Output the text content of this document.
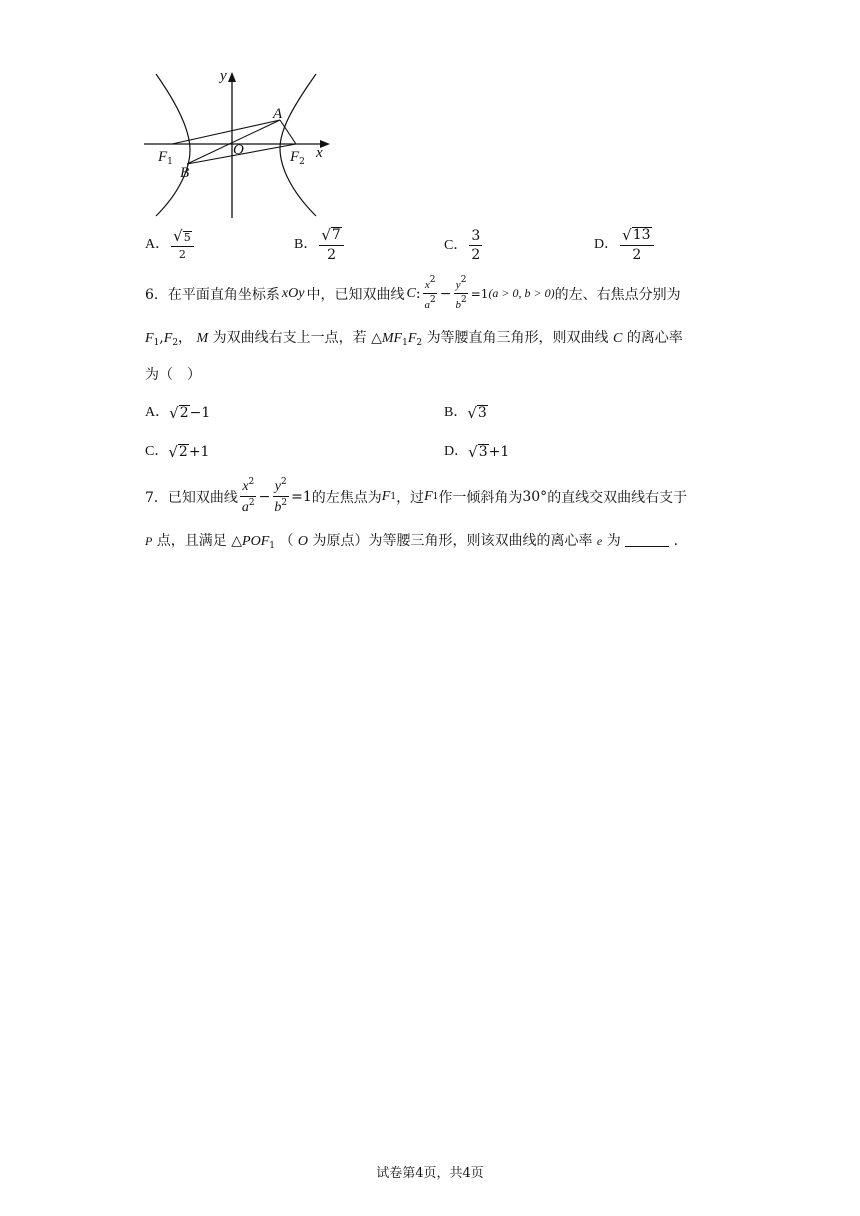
y
x
A
B
O
$F_1$	$F_2$
A． $\frac{√ 5}{2}$	B． $\frac{√ 7}{2}$	C． $\frac{3}{2}$	D． $\frac{√ 13}{2}$
6． 在平面直角坐标系 xOy 中，已知双曲线 C : $\frac{x^2}{a^2} - \frac{y^2}{b^2} =1$ (a > 0, b > 0) 的左、右焦点分别为
$F_1,F_2$， M 为双曲线右支上一点，若 $\triangle MF_1F_2$ 为等腰直角三角形，则双曲线 C 的离心率
为（　）
A． √ 2 −1	B． √ 3
C． √ 2 +1	D． √ 3 +1
7． 已知双曲线 $\frac{x^2}{a^2} - \frac{y^2}{b^2} =1$ 的左焦点为 F 1 ，过 F 1 作一倾斜角为 30° 的直线交双曲线右支于
P 点，且满足 $\triangle POF_1$ （ O 为原点）为等腰三角形，则该双曲线的离心率 e 为	.
试卷第4页，共4页
